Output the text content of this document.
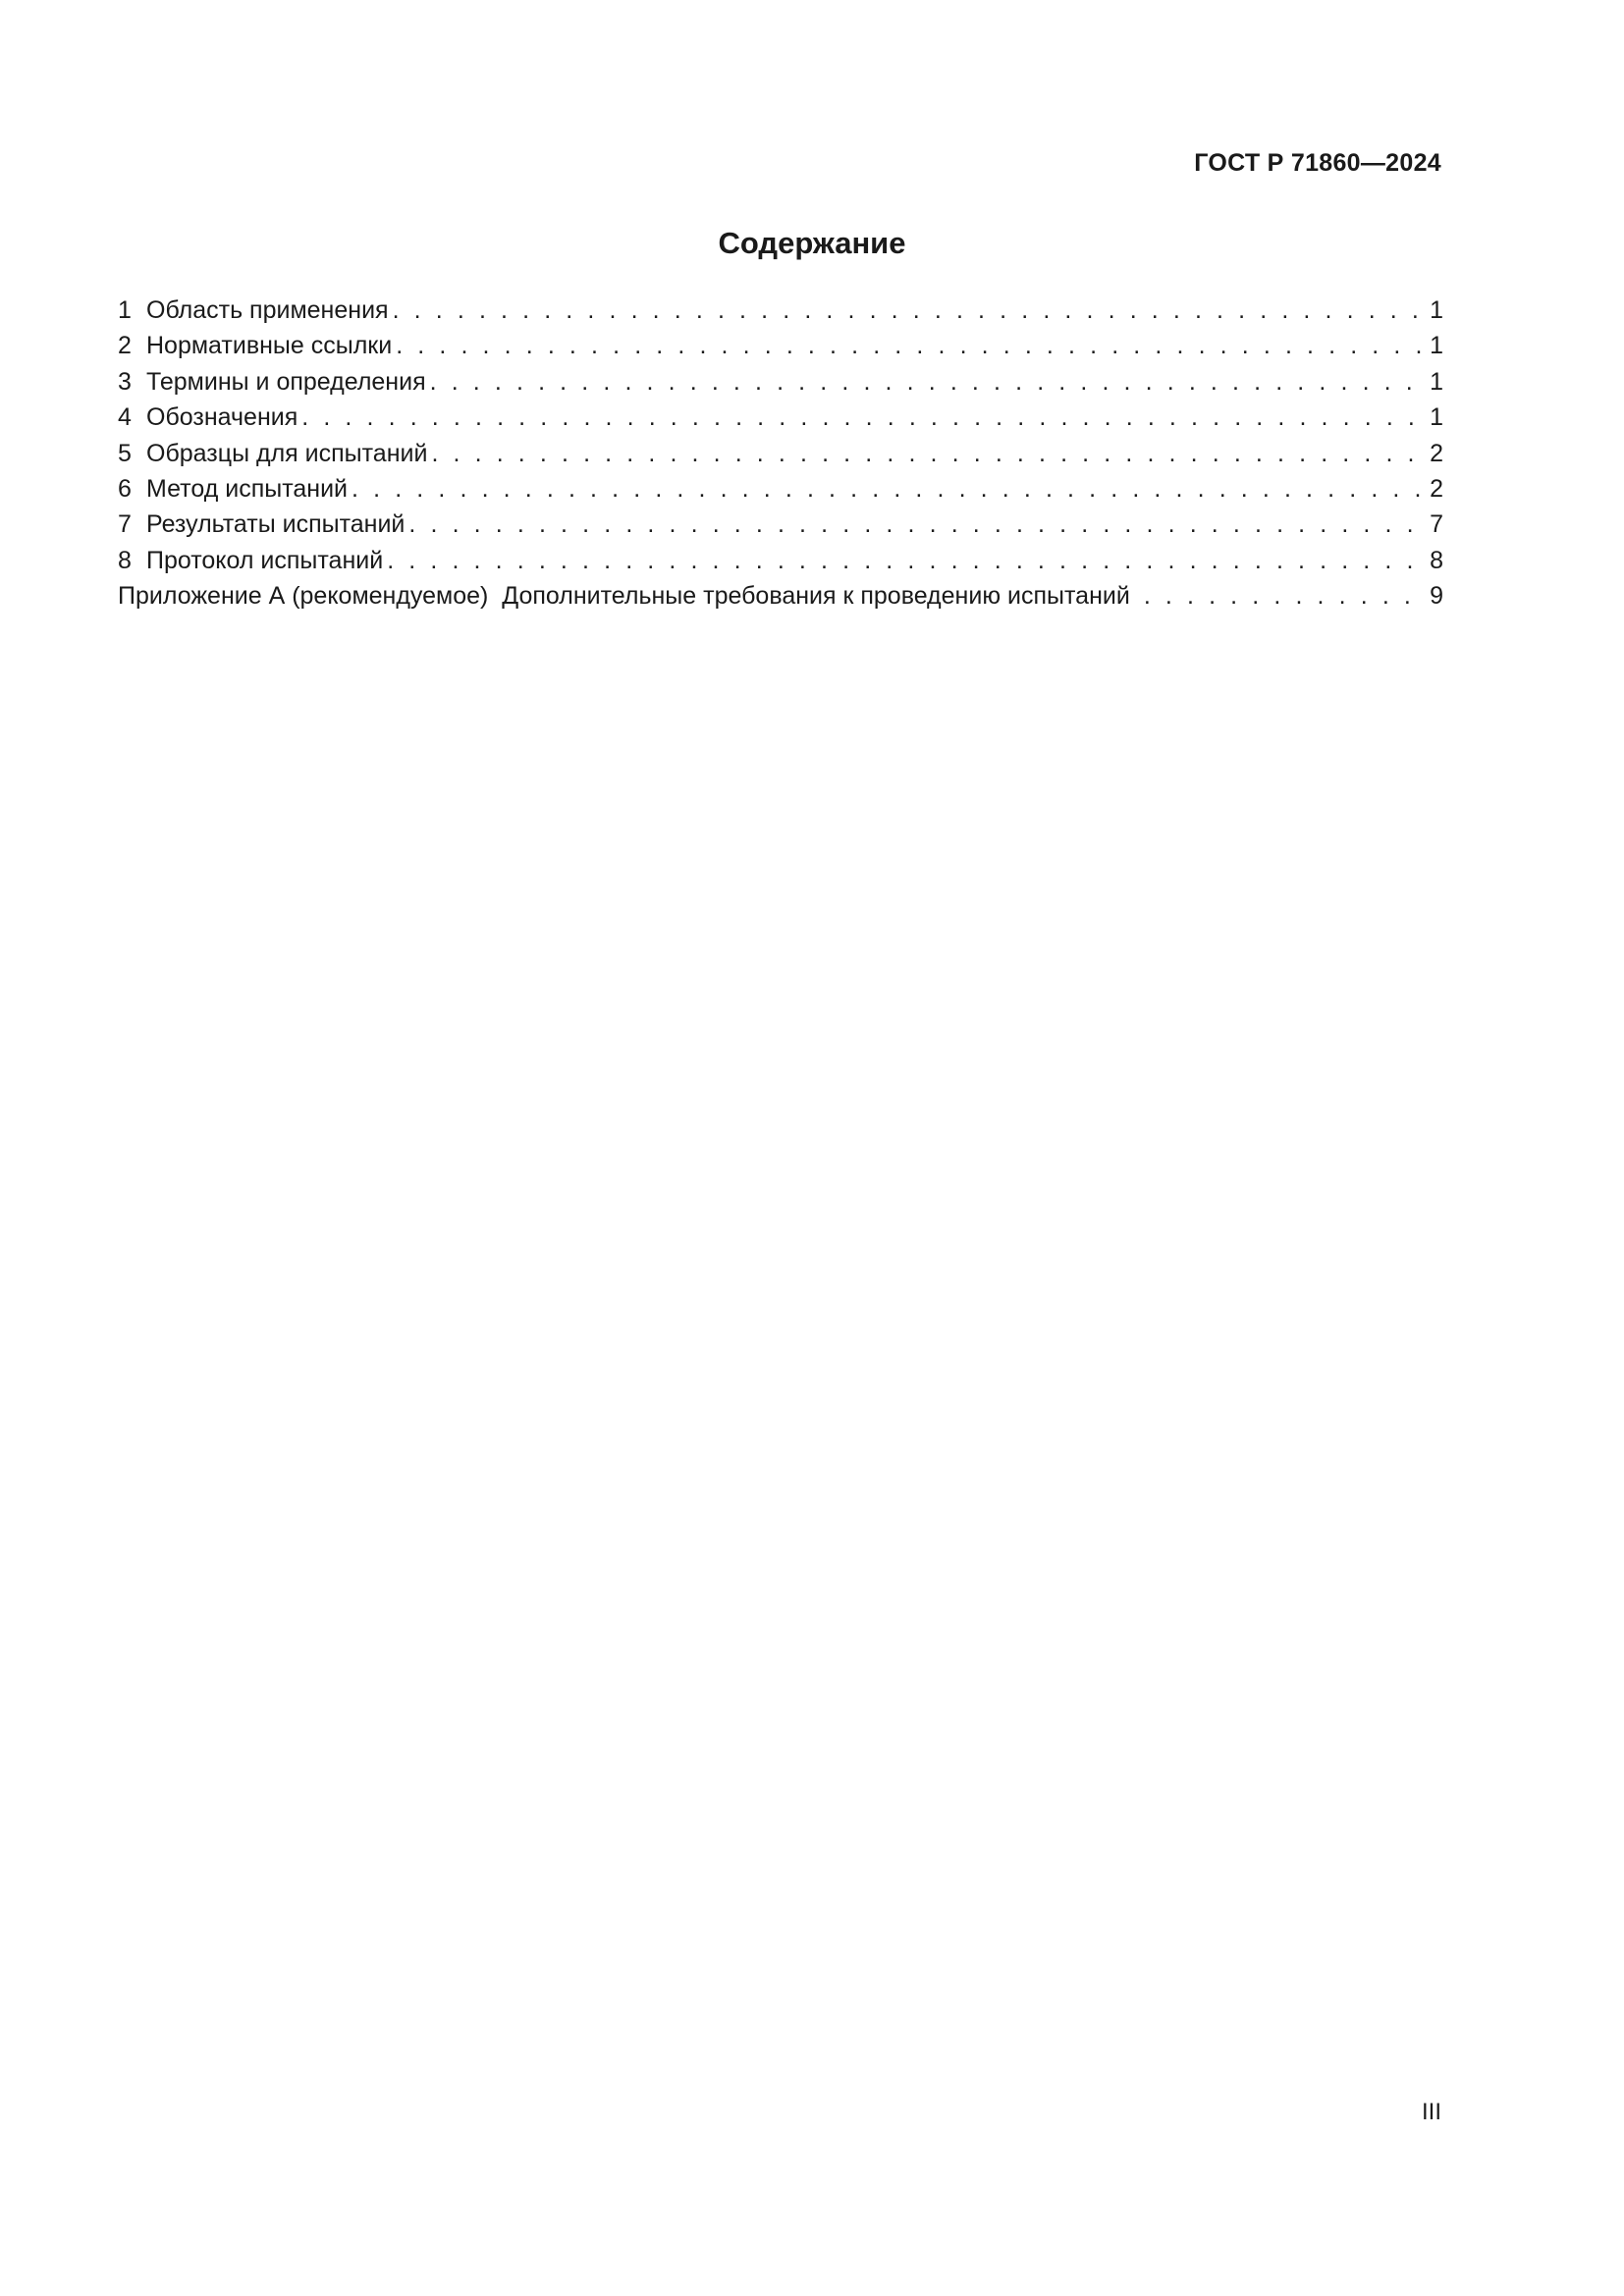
ГОСТ Р 71860—2024
Содержание
1 Область применения . . .	1
2 Нормативные ссылки . . .	1
3 Термины и определения . . .	1
4 Обозначения . . .	1
5 Образцы для испытаний . . .	2
6 Метод испытаний . . .	2
7 Результаты испытаний . . .	7
8 Протокол испытаний . . .	8
Приложение А (рекомендуемое)  Дополнительные требования к проведению испытаний . . .	9
III
